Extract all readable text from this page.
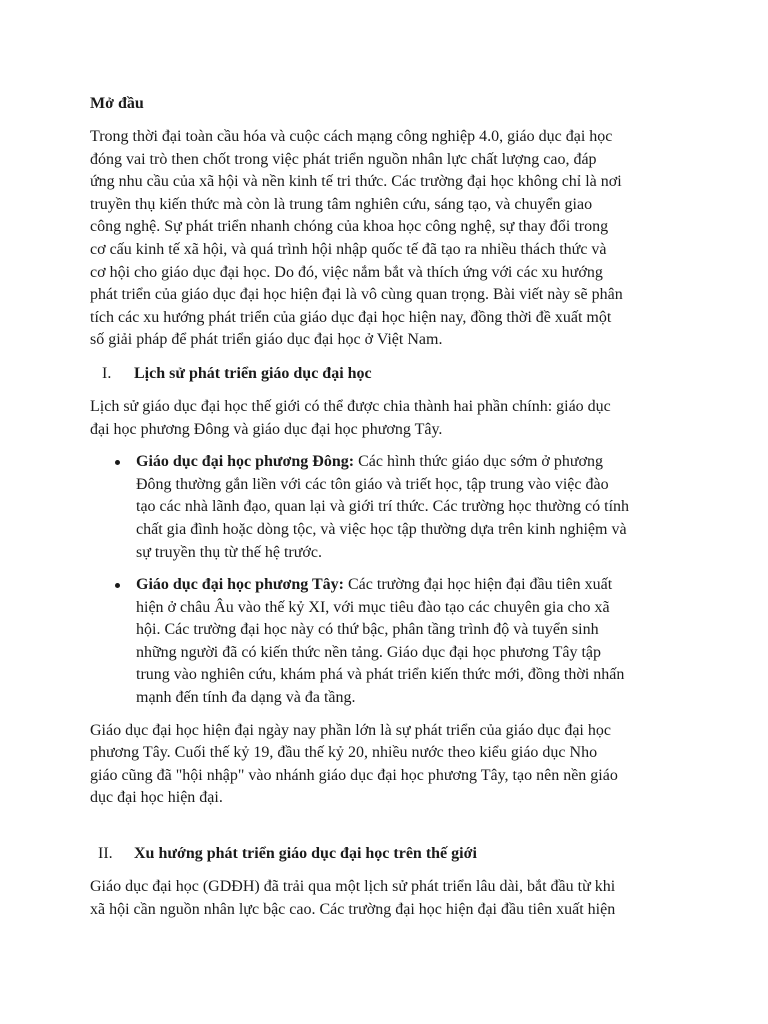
Mở đầu
Trong thời đại toàn cầu hóa và cuộc cách mạng công nghiệp 4.0, giáo dục đại học
đóng vai trò then chốt trong việc phát triển nguồn nhân lực chất lượng cao, đáp
ứng nhu cầu của xã hội và nền kinh tế tri thức. Các trường đại học không chỉ là nơi
truyền thụ kiến thức mà còn là trung tâm nghiên cứu, sáng tạo, và chuyển giao
công nghệ. Sự phát triển nhanh chóng của khoa học công nghệ, sự thay đổi trong
cơ cấu kinh tế xã hội, và quá trình hội nhập quốc tế đã tạo ra nhiều thách thức và
cơ hội cho giáo dục đại học. Do đó, việc nắm bắt và thích ứng với các xu hướng
phát triển của giáo dục đại học hiện đại là vô cùng quan trọng. Bài viết này sẽ phân
tích các xu hướng phát triển của giáo dục đại học hiện nay, đồng thời đề xuất một
số giải pháp để phát triển giáo dục đại học ở Việt Nam.
I. Lịch sử phát triển giáo dục đại học
Lịch sử giáo dục đại học thế giới có thể được chia thành hai phần chính: giáo dục
đại học phương Đông và giáo dục đại học phương Tây.
Giáo dục đại học phương Đông: Các hình thức giáo dục sớm ở phương
Đông thường gắn liền với các tôn giáo và triết học, tập trung vào việc đào
tạo các nhà lãnh đạo, quan lại và giới trí thức. Các trường học thường có tính
chất gia đình hoặc dòng tộc, và việc học tập thường dựa trên kinh nghiệm và
sự truyền thụ từ thế hệ trước.
Giáo dục đại học phương Tây: Các trường đại học hiện đại đầu tiên xuất
hiện ở châu Âu vào thế kỷ XI, với mục tiêu đào tạo các chuyên gia cho xã
hội. Các trường đại học này có thứ bậc, phân tầng trình độ và tuyển sinh
những người đã có kiến thức nền tảng. Giáo dục đại học phương Tây tập
trung vào nghiên cứu, khám phá và phát triển kiến thức mới, đồng thời nhấn
mạnh đến tính đa dạng và đa tầng.
Giáo dục đại học hiện đại ngày nay phần lớn là sự phát triển của giáo dục đại học
phương Tây. Cuối thế kỷ 19, đầu thế kỷ 20, nhiều nước theo kiểu giáo dục Nho
giáo cũng đã "hội nhập" vào nhánh giáo dục đại học phương Tây, tạo nên nền giáo
dục đại học hiện đại.
II. Xu hướng phát triển giáo dục đại học trên thế giới
Giáo dục đại học (GDĐH) đã trải qua một lịch sử phát triển lâu dài, bắt đầu từ khi
xã hội cần nguồn nhân lực bậc cao. Các trường đại học hiện đại đầu tiên xuất hiện
